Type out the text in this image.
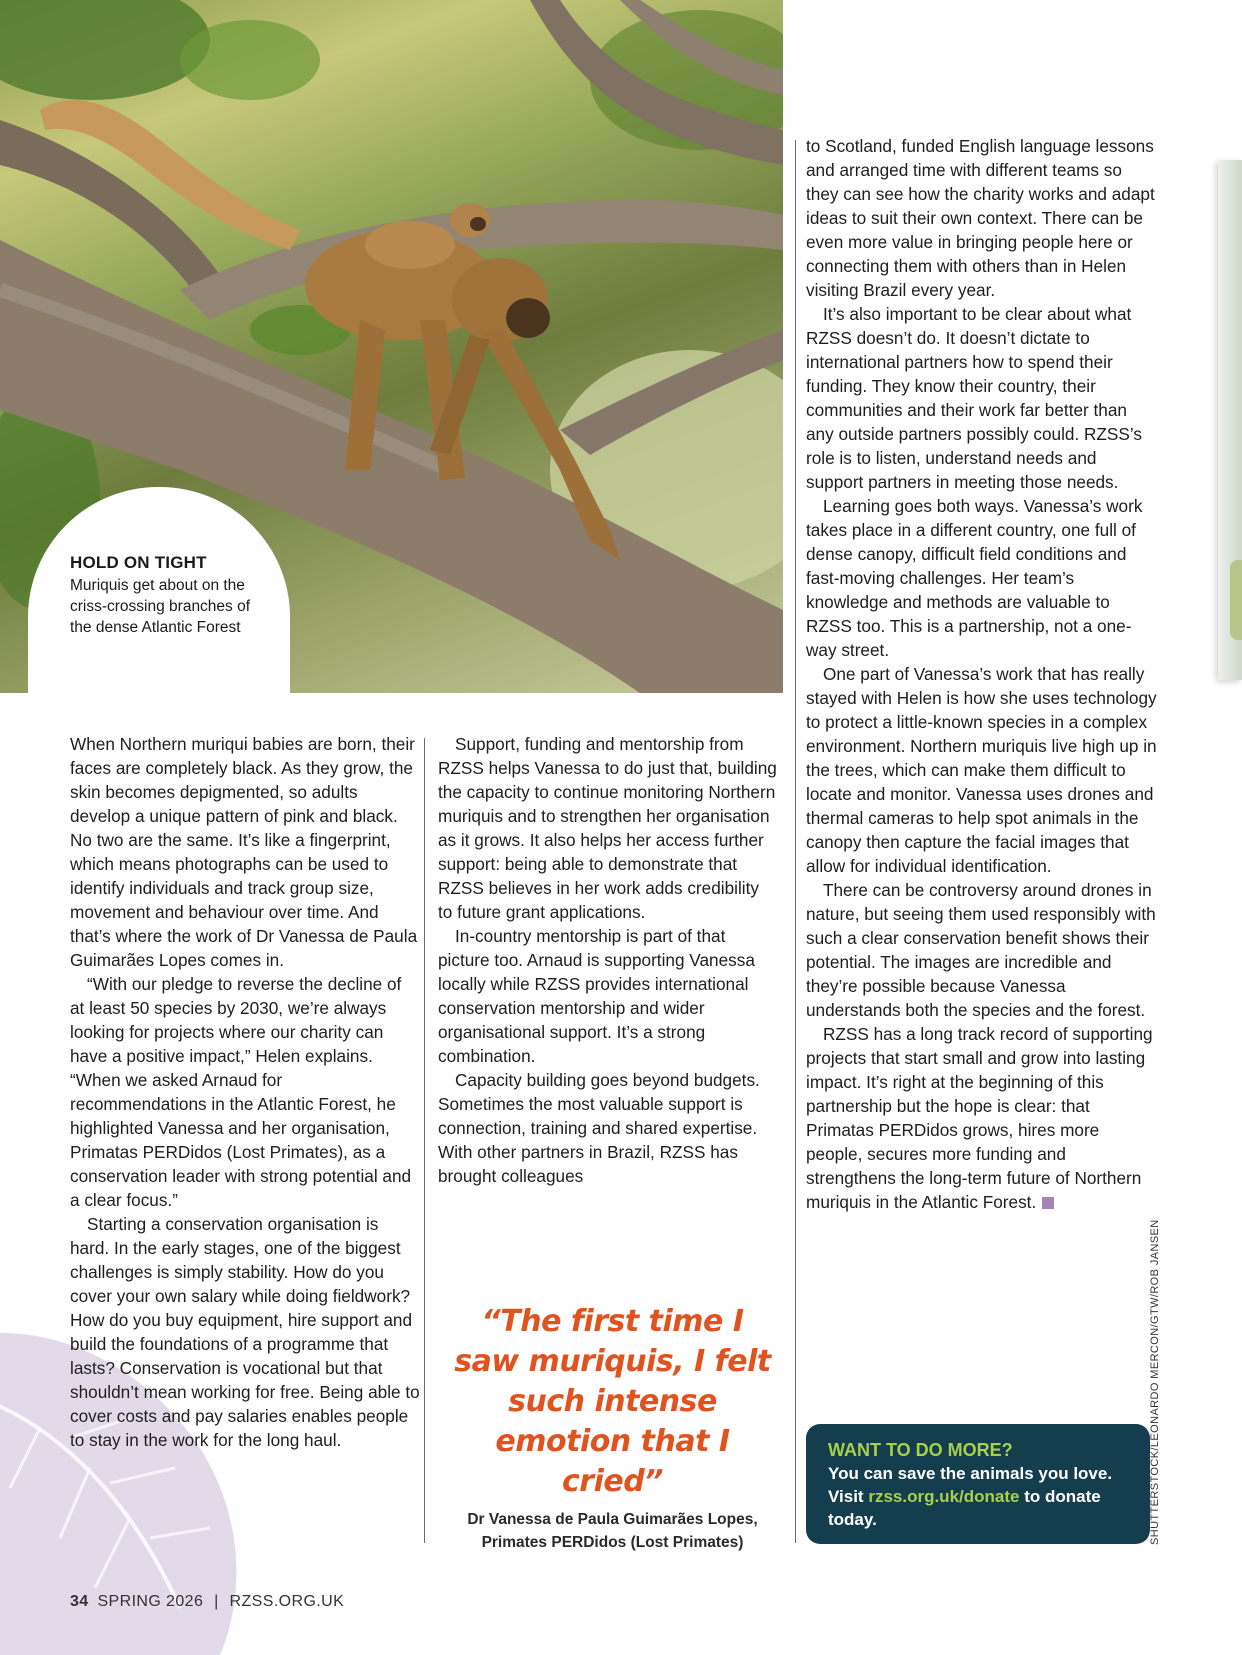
HOLD ON TIGHT
Muriquis get about on the criss-crossing branches of the dense Atlantic Forest

When Northern muriqui babies are born, their faces are completely black. As they grow, the skin becomes depigmented, so adults develop a unique pattern of pink and black. No two are the same. It’s like a fingerprint, which means photographs can be used to identify individuals and track group size, movement and behaviour over time. And that’s where the work of Dr Vanessa de Paula Guimarães Lopes comes in.

“With our pledge to reverse the decline of at least 50 species by 2030, we’re always looking for projects where our charity can have a positive impact,” Helen explains. “When we asked Arnaud for recommendations in the Atlantic Forest, he highlighted Vanessa and her organisation, Primatas PERDidos (Lost Primates), as a conservation leader with strong potential and a clear focus.”

Starting a conservation organisation is hard. In the early stages, one of the biggest challenges is simply stability. How do you cover your own salary while doing fieldwork? How do you buy equipment, hire support and build the foundations of a programme that lasts? Conservation is vocational but that shouldn’t mean working for free. Being able to cover costs and pay salaries enables people to stay in the work for the long haul.

Support, funding and mentorship from RZSS helps Vanessa to do just that, building the capacity to continue monitoring Northern muriquis and to strengthen her organisation as it grows. It also helps her access further support: being able to demonstrate that RZSS believes in her work adds credibility to future grant applications.

In-country mentorship is part of that picture too. Arnaud is supporting Vanessa locally while RZSS provides international conservation mentorship and wider organisational support. It’s a strong combination.

Capacity building goes beyond budgets. Sometimes the most valuable support is connection, training and shared expertise. With other partners in Brazil, RZSS has brought colleagues

“The first time I saw muriquis, I felt such intense emotion that I cried”
Dr Vanessa de Paula Guimarães Lopes,
Primates PERDidos (Lost Primates)

to Scotland, funded English language lessons and arranged time with different teams so they can see how the charity works and adapt ideas to suit their own context. There can be even more value in bringing people here or connecting them with others than in Helen visiting Brazil every year.

It’s also important to be clear about what RZSS doesn’t do. It doesn’t dictate to international partners how to spend their funding. They know their country, their communities and their work far better than any outside partners possibly could. RZSS’s role is to listen, understand needs and support partners in meeting those needs.

Learning goes both ways. Vanessa’s work takes place in a different country, one full of dense canopy, difficult field conditions and fast-moving challenges. Her team’s knowledge and methods are valuable to RZSS too. This is a partnership, not a one-way street.

One part of Vanessa’s work that has really stayed with Helen is how she uses technology to protect a little-known species in a complex environment. Northern muriquis live high up in the trees, which can make them difficult to locate and monitor. Vanessa uses drones and thermal cameras to help spot animals in the canopy then capture the facial images that allow for individual identification.

There can be controversy around drones in nature, but seeing them used responsibly with such a clear conservation benefit shows their potential. The images are incredible and they’re possible because Vanessa understands both the species and the forest.

RZSS has a long track record of supporting projects that start small and grow into lasting impact. It’s right at the beginning of this partnership but the hope is clear: that Primatas PERDidos grows, hires more people, secures more funding and strengthens the long-term future of Northern muriquis in the Atlantic Forest.

WANT TO DO MORE?
You can save the animals you love. Visit rzss.org.uk/donate to donate today.	SHUTTERSTOCK/LEONARDO MERCON/GTW/ROB JANSEN
34 SPRING 2026 | RZSS.ORG.UK
